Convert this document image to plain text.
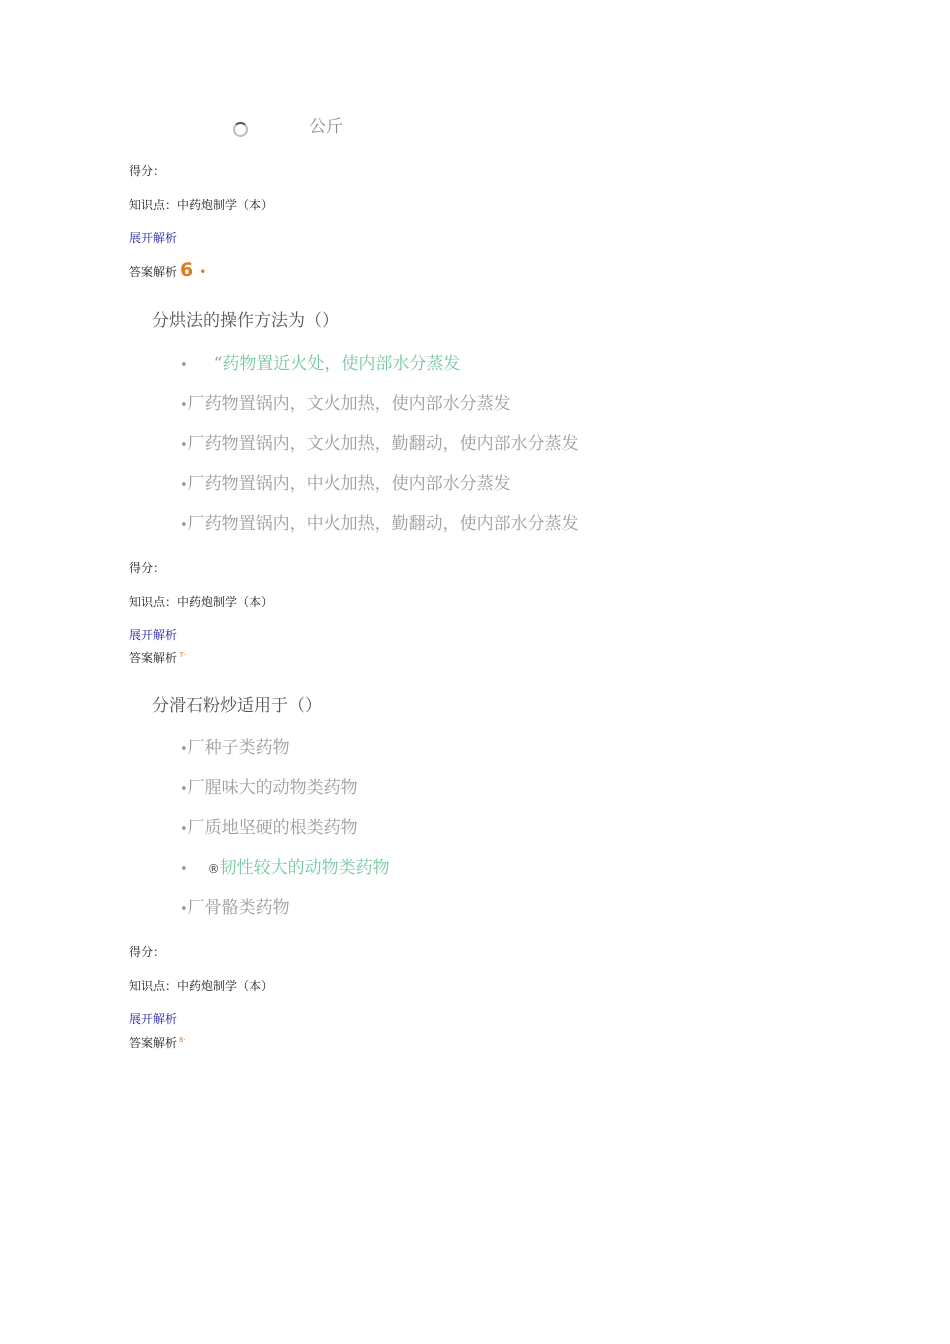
公斤
得分：
知识点：中药炮制学（本）
展开解析
答案解析 6 •
分烘法的操作方法为（）
• “药物置近火处，使内部水分蒸发
•厂药物置锅内，文火加热，使内部水分蒸发
•厂药物置锅内，文火加热，勤翻动，使内部水分蒸发
•厂药物置锅内，中火加热，使内部水分蒸发
•厂药物置锅内，中火加热，勤翻动，使内部水分蒸发
得分：
知识点：中药炮制学（本）
展开解析
答案解析 $^{7\cdot}$
分滑石粉炒适用于（）
•厂种子类药物
•厂腥味大的动物类药物
•厂质地坚硬的根类药物
• ®韧性较大的动物类药物
•厂骨骼类药物
得分：
知识点：中药炮制学（本）
展开解析
答案解析 $^{8\cdot}$
